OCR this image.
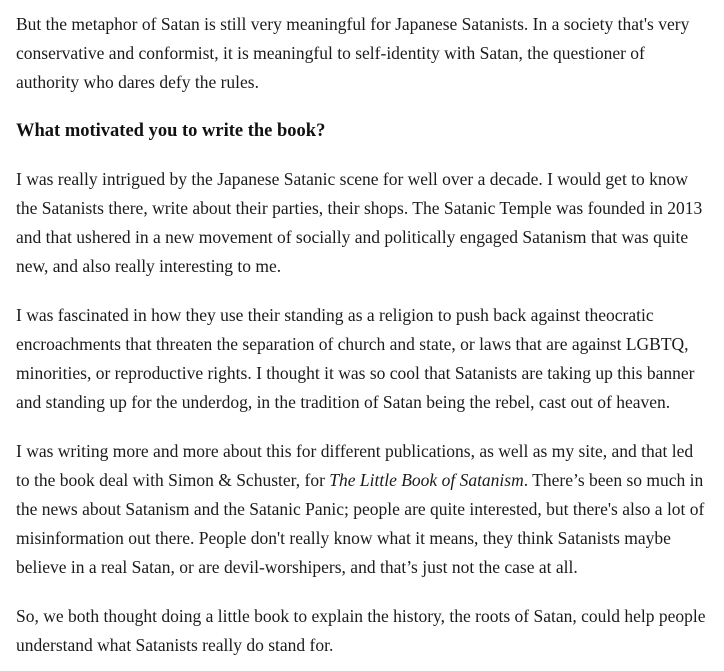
But the metaphor of Satan is still very meaningful for Japanese Satanists. In a society that's very conservative and conformist, it is meaningful to self-identity with Satan, the questioner of authority who dares defy the rules.

What motivated you to write the book?

I was really intrigued by the Japanese Satanic scene for well over a decade. I would get to know the Satanists there, write about their parties, their shops. The Satanic Temple was founded in 2013 and that ushered in a new movement of socially and politically engaged Satanism that was quite new, and also really interesting to me.

I was fascinated in how they use their standing as a religion to push back against theocratic encroachments that threaten the separation of church and state, or laws that are against LGBTQ, minorities, or reproductive rights. I thought it was so cool that Satanists are taking up this banner and standing up for the underdog, in the tradition of Satan being the rebel, cast out of heaven.

I was writing more and more about this for different publications, as well as my site, and that led to the book deal with Simon & Schuster, for The Little Book of Satanism. There’s been so much in the news about Satanism and the Satanic Panic; people are quite interested, but there's also a lot of misinformation out there. People don't really know what it means, they think Satanists maybe believe in a real Satan, or are devil-worshipers, and that’s just not the case at all.

So, we both thought doing a little book to explain the history, the roots of Satan, could help people understand what Satanists really do stand for.
